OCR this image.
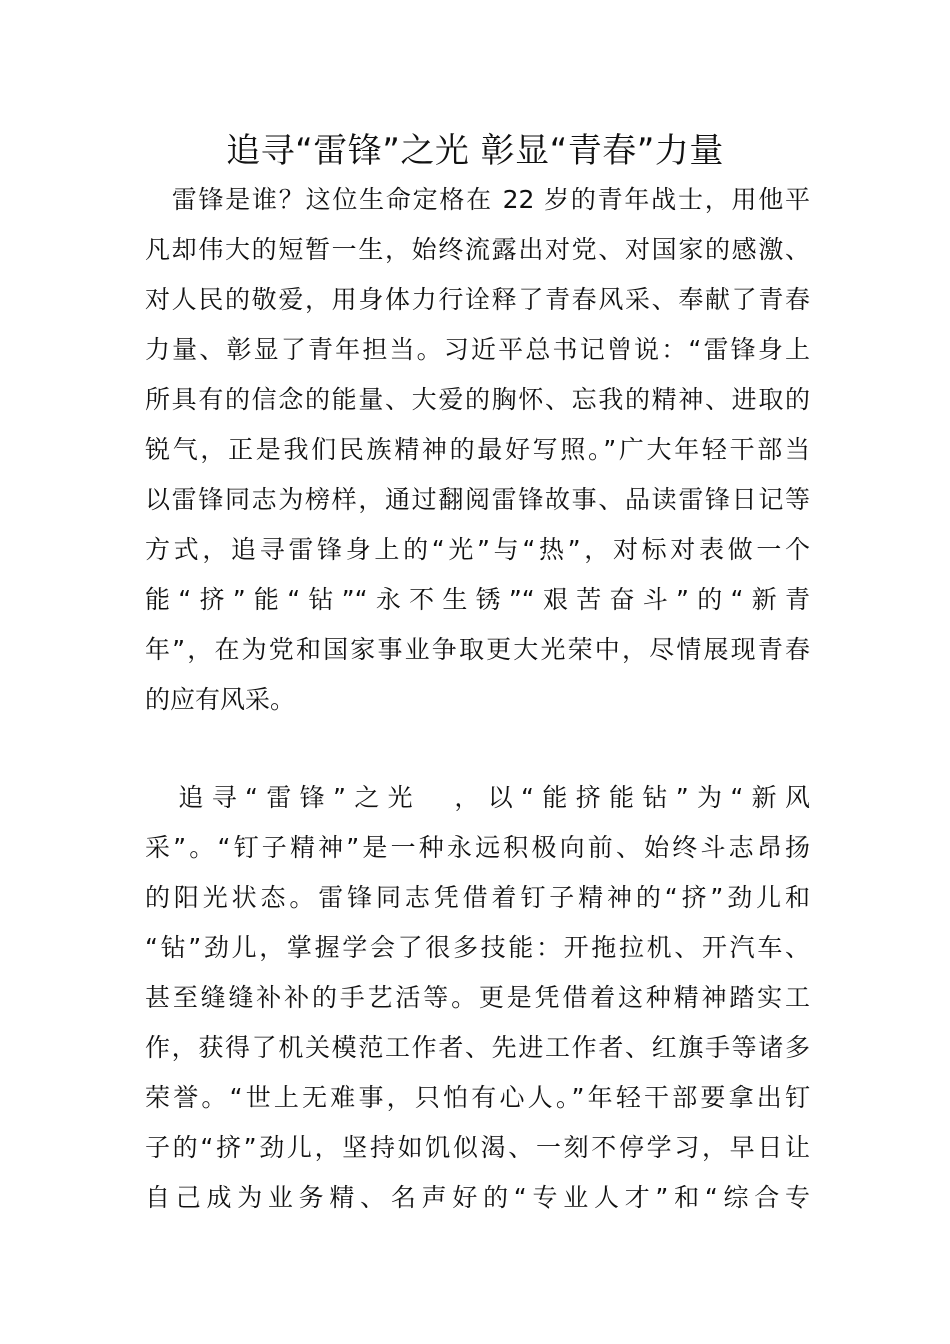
追寻“雷锋”之光 彰显“青春”力量
　雷锋是谁？这位生命定格在 22 岁的青年战士，用他平
凡却伟大的短暂一生，始终流露出对党、对国家的感激、
对人民的敬爱，用身体力行诠释了青春风采、奉献了青春
力量、彰显了青年担当。习近平总书记曾说：“雷锋身上
所具有的信念的能量、大爱的胸怀、忘我的精神、进取的
锐气，正是我们民族精神的最好写照。”广大年轻干部当
以雷锋同志为榜样，通过翻阅雷锋故事、品读雷锋日记等
方式，追寻雷锋身上的“光”与“热”，对标对表做一个
能“挤”能“钻”“永不生锈”“艰苦奋斗”的“新青
年”，在为党和国家事业争取更大光荣中，尽情展现青春
的应有风采。
　追寻“雷锋”之光　，以“能挤能钻”为“新风
采”。“钉子精神”是一种永远积极向前、始终斗志昂扬
的阳光状态。雷锋同志凭借着钉子精神的“挤”劲儿和
“钻”劲儿，掌握学会了很多技能：开拖拉机、开汽车、
甚至缝缝补补的手艺活等。更是凭借着这种精神踏实工
作，获得了机关模范工作者、先进工作者、红旗手等诸多
荣誉。“世上无难事，只怕有心人。”年轻干部要拿出钉
子的“挤”劲儿，坚持如饥似渴、一刻不停学习，早日让
自己成为业务精、名声好的“专业人才”和“综合专
